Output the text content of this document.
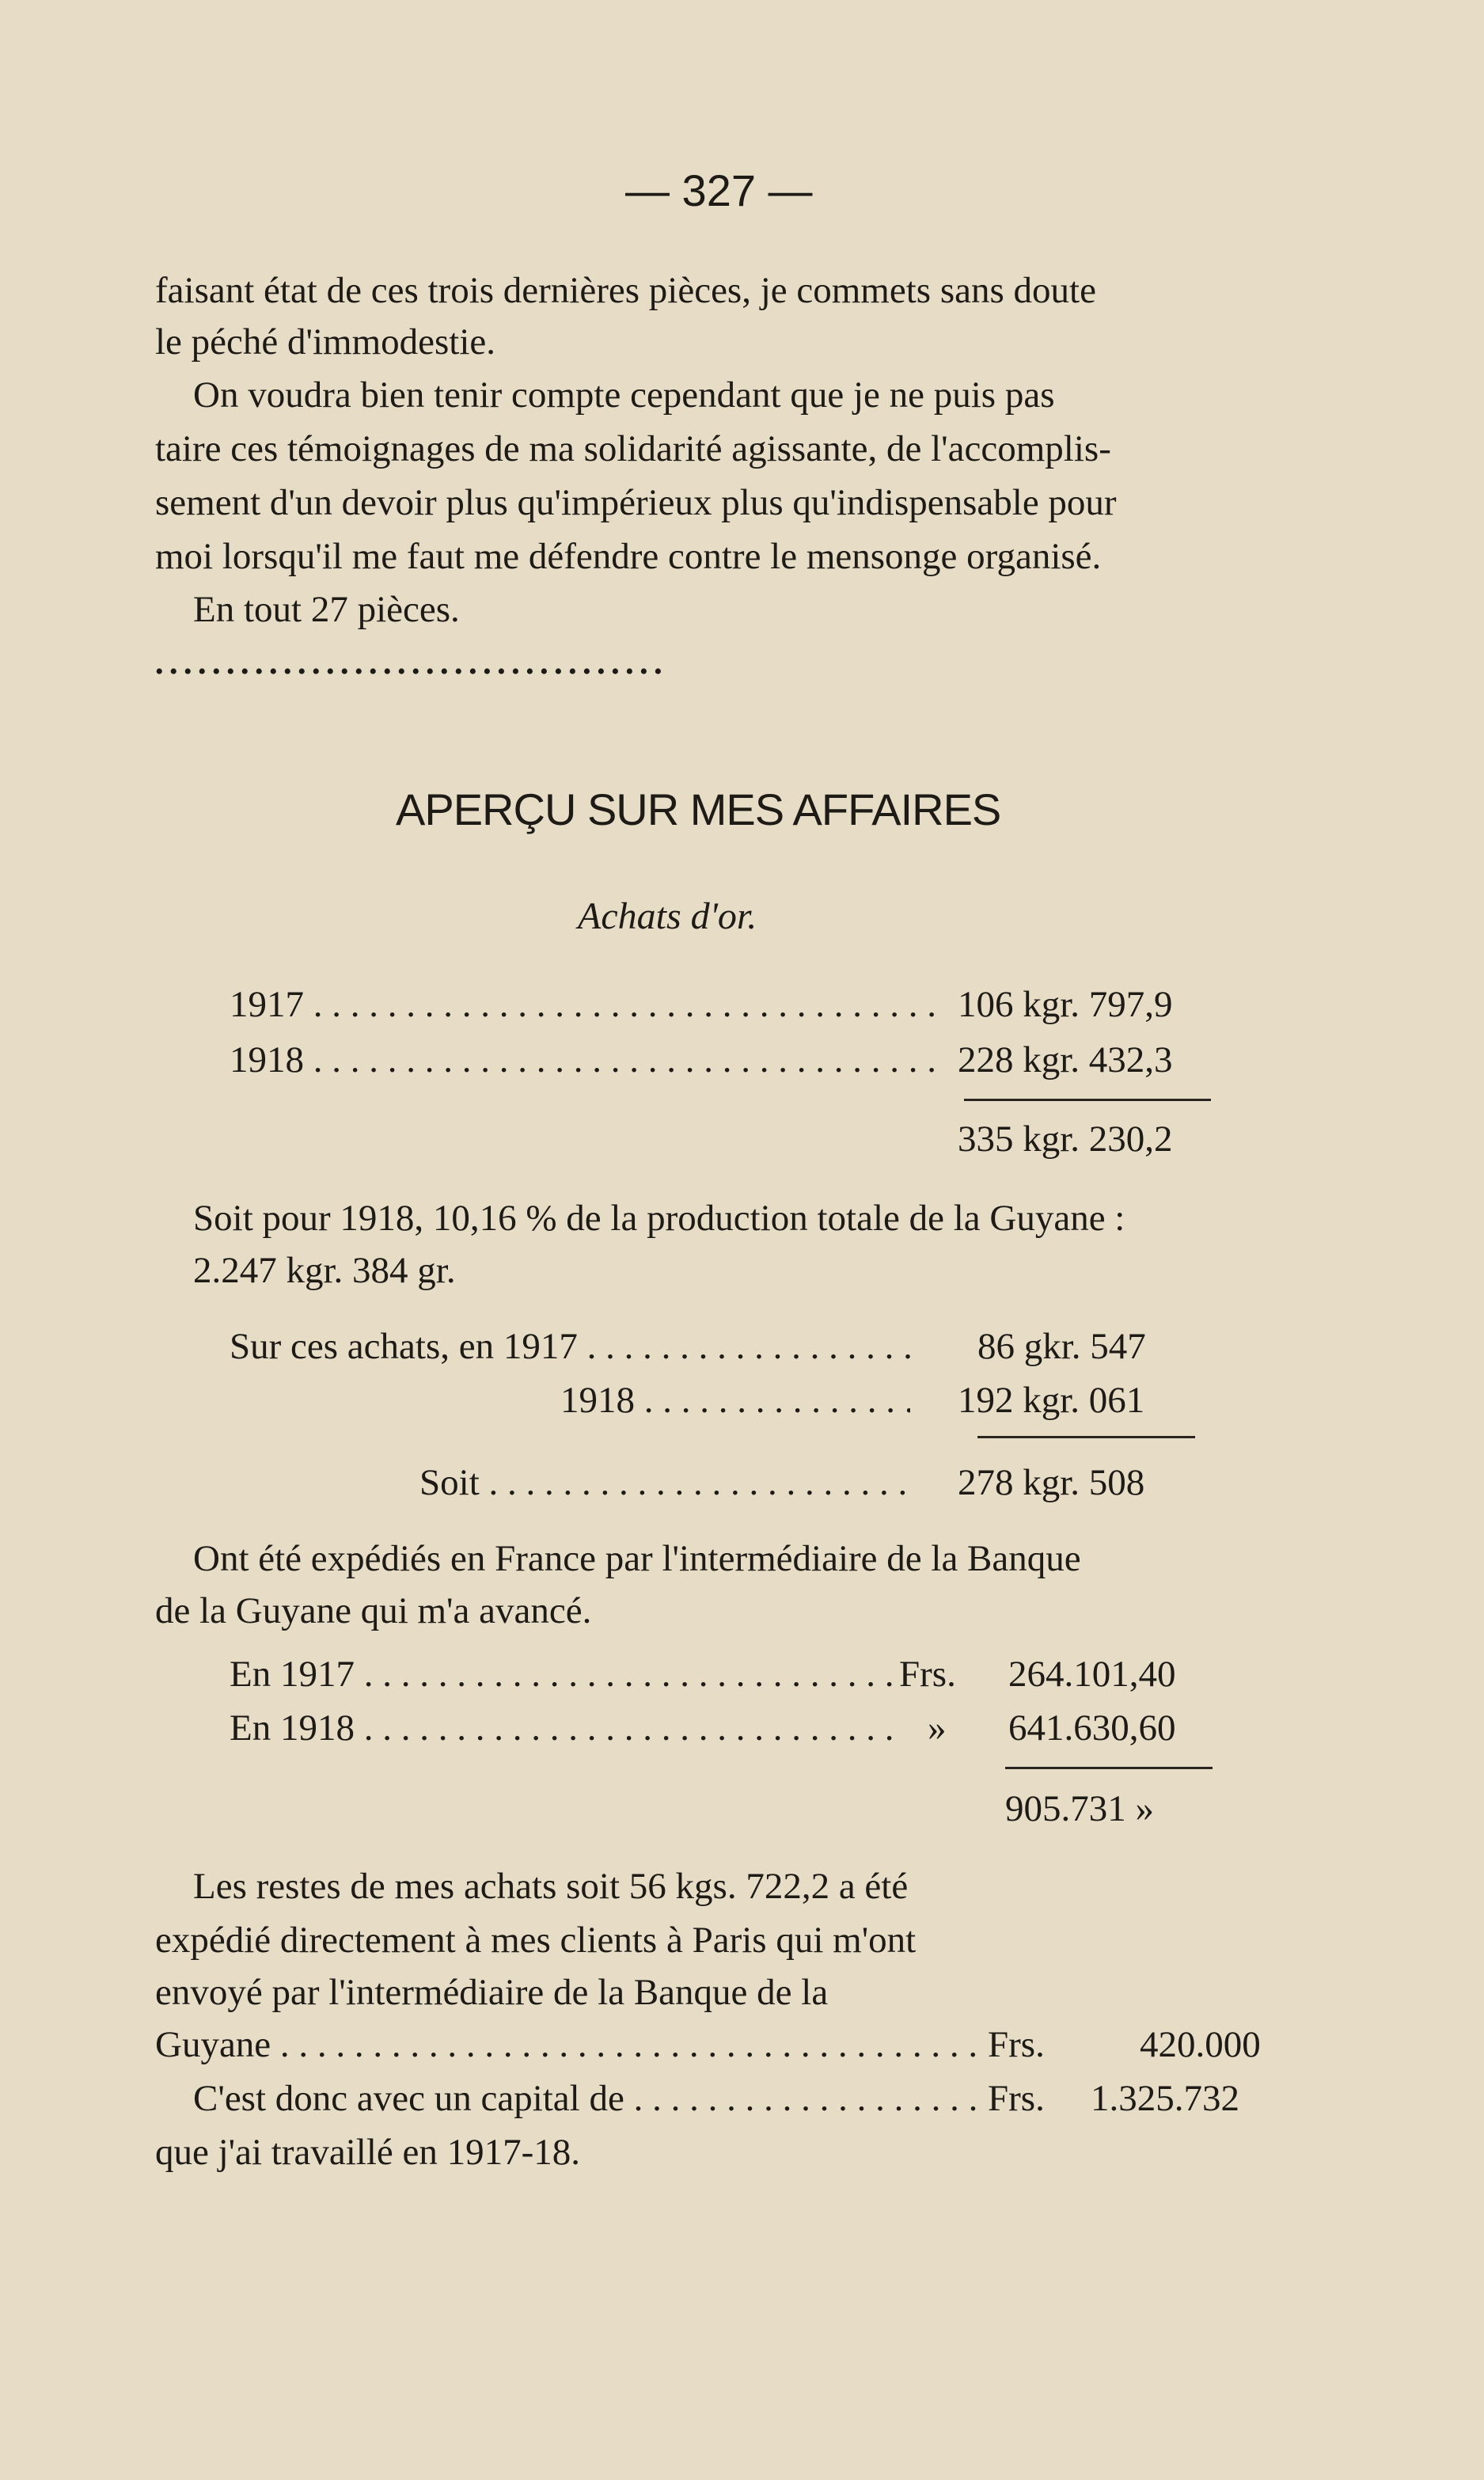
— 327 —
faisant état de ces trois dernières pièces, je commets sans doute
le péché d'immodestie.
On voudra bien tenir compte cependant que je ne puis pas
taire ces témoignages de ma solidarité agissante, de l'accomplis-
sement d'un devoir plus qu'impérieux plus qu'indispensable pour
moi lorsqu'il me faut me défendre contre le mensonge organisé.
En tout 27 pièces.
• • • • • • • • • • • • • • • • • • • • • • • • • • • • • • • • • • • •
APERÇU SUR MES AFFAIRES
Achats d'or.
1917 . . .	106 kgr. 797,9
1918 . . .	228 kgr. 432,3
335 kgr. 230,2
Soit pour 1918, 10,16 % de la production totale de la Guyane :
2.247 kgr. 384 gr.
Sur ces achats, en 1917 . . .	86 gkr. 547
1918 . . .	192 kgr. 061
Soit . . .	278 kgr. 508
Ont été expédiés en France par l'intermédiaire de la Banque
de la Guyane qui m'a avancé.
En 1917 . . .	Frs. 264.101,40
En 1918 . . .	» 641.630,60
905.731 »
Les restes de mes achats soit 56 kgs. 722,2 a été
expédié directement à mes clients à Paris qui m'ont
envoyé par l'intermédiaire de la Banque de la
Guyane . . .	Frs.	420.000
C'est donc avec un capital de . . .	Frs. 1.325.732
que j'ai travaillé en 1917-18.
